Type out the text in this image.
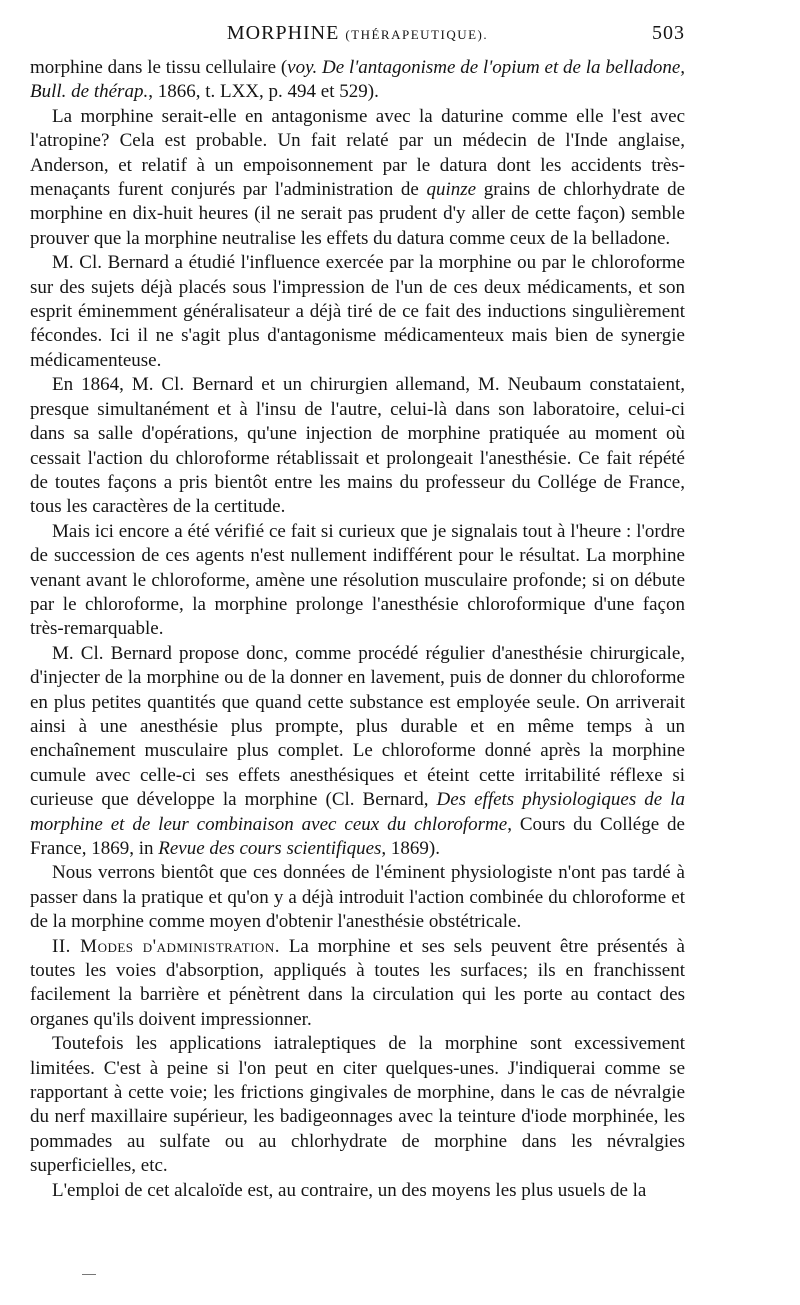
MORPHINE (THÉRAPEUTIQUE).	503

morphine dans le tissu cellulaire (voy. De l'antagonisme de l'opium et de la belladone, Bull. de thérap., 1866, t. LXX, p. 494 et 529).

La morphine serait-elle en antagonisme avec la daturine comme elle l'est avec l'atropine? Cela est probable. Un fait relaté par un médecin de l'Inde anglaise, Anderson, et relatif à un empoisonnement par le datura dont les accidents très-menaçants furent conjurés par l'administration de quinze grains de chlorhydrate de morphine en dix-huit heures (il ne serait pas prudent d'y aller de cette façon) semble prouver que la morphine neutralise les effets du datura comme ceux de la belladone.

M. Cl. Bernard a étudié l'influence exercée par la morphine ou par le chloroforme sur des sujets déjà placés sous l'impression de l'un de ces deux médicaments, et son esprit éminemment généralisateur a déjà tiré de ce fait des inductions singulièrement fécondes. Ici il ne s'agit plus d'antagonisme médicamenteux mais bien de synergie médicamenteuse.

En 1864, M. Cl. Bernard et un chirurgien allemand, M. Neubaum constataient, presque simultanément et à l'insu de l'autre, celui-là dans son laboratoire, celui-ci dans sa salle d'opérations, qu'une injection de morphine pratiquée au moment où cessait l'action du chloroforme rétablissait et prolongeait l'anesthésie. Ce fait répété de toutes façons a pris bientôt entre les mains du professeur du Collége de France, tous les caractères de la certitude.

Mais ici encore a été vérifié ce fait si curieux que je signalais tout à l'heure : l'ordre de succession de ces agents n'est nullement indifférent pour le résultat. La morphine venant avant le chloroforme, amène une résolution musculaire profonde; si on débute par le chloroforme, la morphine prolonge l'anesthésie chloroformique d'une façon très-remarquable.

M. Cl. Bernard propose donc, comme procédé régulier d'anesthésie chirurgicale, d'injecter de la morphine ou de la donner en lavement, puis de donner du chloroforme en plus petites quantités que quand cette substance est employée seule. On arriverait ainsi à une anesthésie plus prompte, plus durable et en même temps à un enchaînement musculaire plus complet. Le chloroforme donné après la morphine cumule avec celle-ci ses effets anesthésiques et éteint cette irritabilité réflexe si curieuse que développe la morphine (Cl. Bernard, Des effets physiologiques de la morphine et de leur combinaison avec ceux du chloroforme, Cours du Collége de France, 1869, in Revue des cours scientifiques, 1869).

Nous verrons bientôt que ces données de l'éminent physiologiste n'ont pas tardé à passer dans la pratique et qu'on y a déjà introduit l'action combinée du chloroforme et de la morphine comme moyen d'obtenir l'anesthésie obstétricale.

II. Modes d'administration. La morphine et ses sels peuvent être présentés à toutes les voies d'absorption, appliqués à toutes les surfaces; ils en franchissent facilement la barrière et pénètrent dans la circulation qui les porte au contact des organes qu'ils doivent impressionner.

Toutefois les applications iatraleptiques de la morphine sont excessivement limitées. C'est à peine si l'on peut en citer quelques-unes. J'indiquerai comme se rapportant à cette voie; les frictions gingivales de morphine, dans le cas de névralgie du nerf maxillaire supérieur, les badigeonnages avec la teinture d'iode morphinée, les pommades au sulfate ou au chlorhydrate de morphine dans les névralgies superficielles, etc.

L'emploi de cet alcaloïde est, au contraire, un des moyens les plus usuels de la
